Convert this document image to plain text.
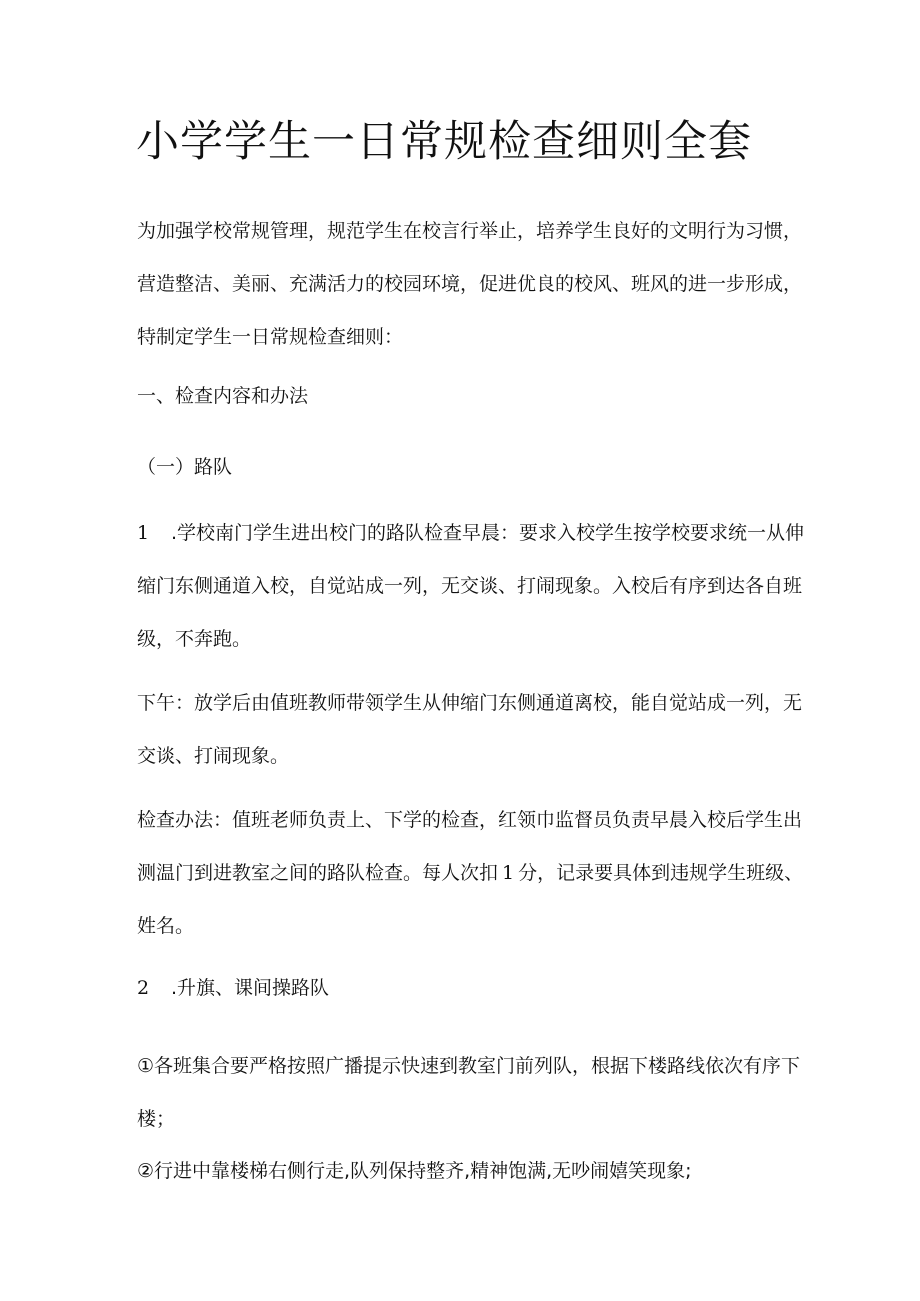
小学学生一日常规检查细则全套

为加强学校常规管理，规范学生在校言行举止，培养学生良好的文明行为习惯，
营造整洁、美丽、充满活力的校园环境，促进优良的校风、班风的进一步形成，
特制定学生一日常规检查细则：

一、检查内容和办法

（一）路队

1 .学校南门学生进出校门的路队检查早晨：要求入校学生按学校要求统一从伸
缩门东侧通道入校，自觉站成一列，无交谈、打闹现象。入校后有序到达各自班
级，不奔跑。

下午：放学后由值班教师带领学生从伸缩门东侧通道离校，能自觉站成一列，无
交谈、打闹现象。

检查办法：值班老师负责上、下学的检查，红领巾监督员负责早晨入校后学生出
测温门到进教室之间的路队检查。每人次扣 1 分，记录要具体到违规学生班级、
姓名。

2 .升旗、课间操路队

①各班集合要严格按照广播提示快速到教室门前列队，根据下楼路线依次有序下
楼；

②行进中靠楼梯右侧行走,队列保持整齐,精神饱满,无吵闹嬉笑现象;
